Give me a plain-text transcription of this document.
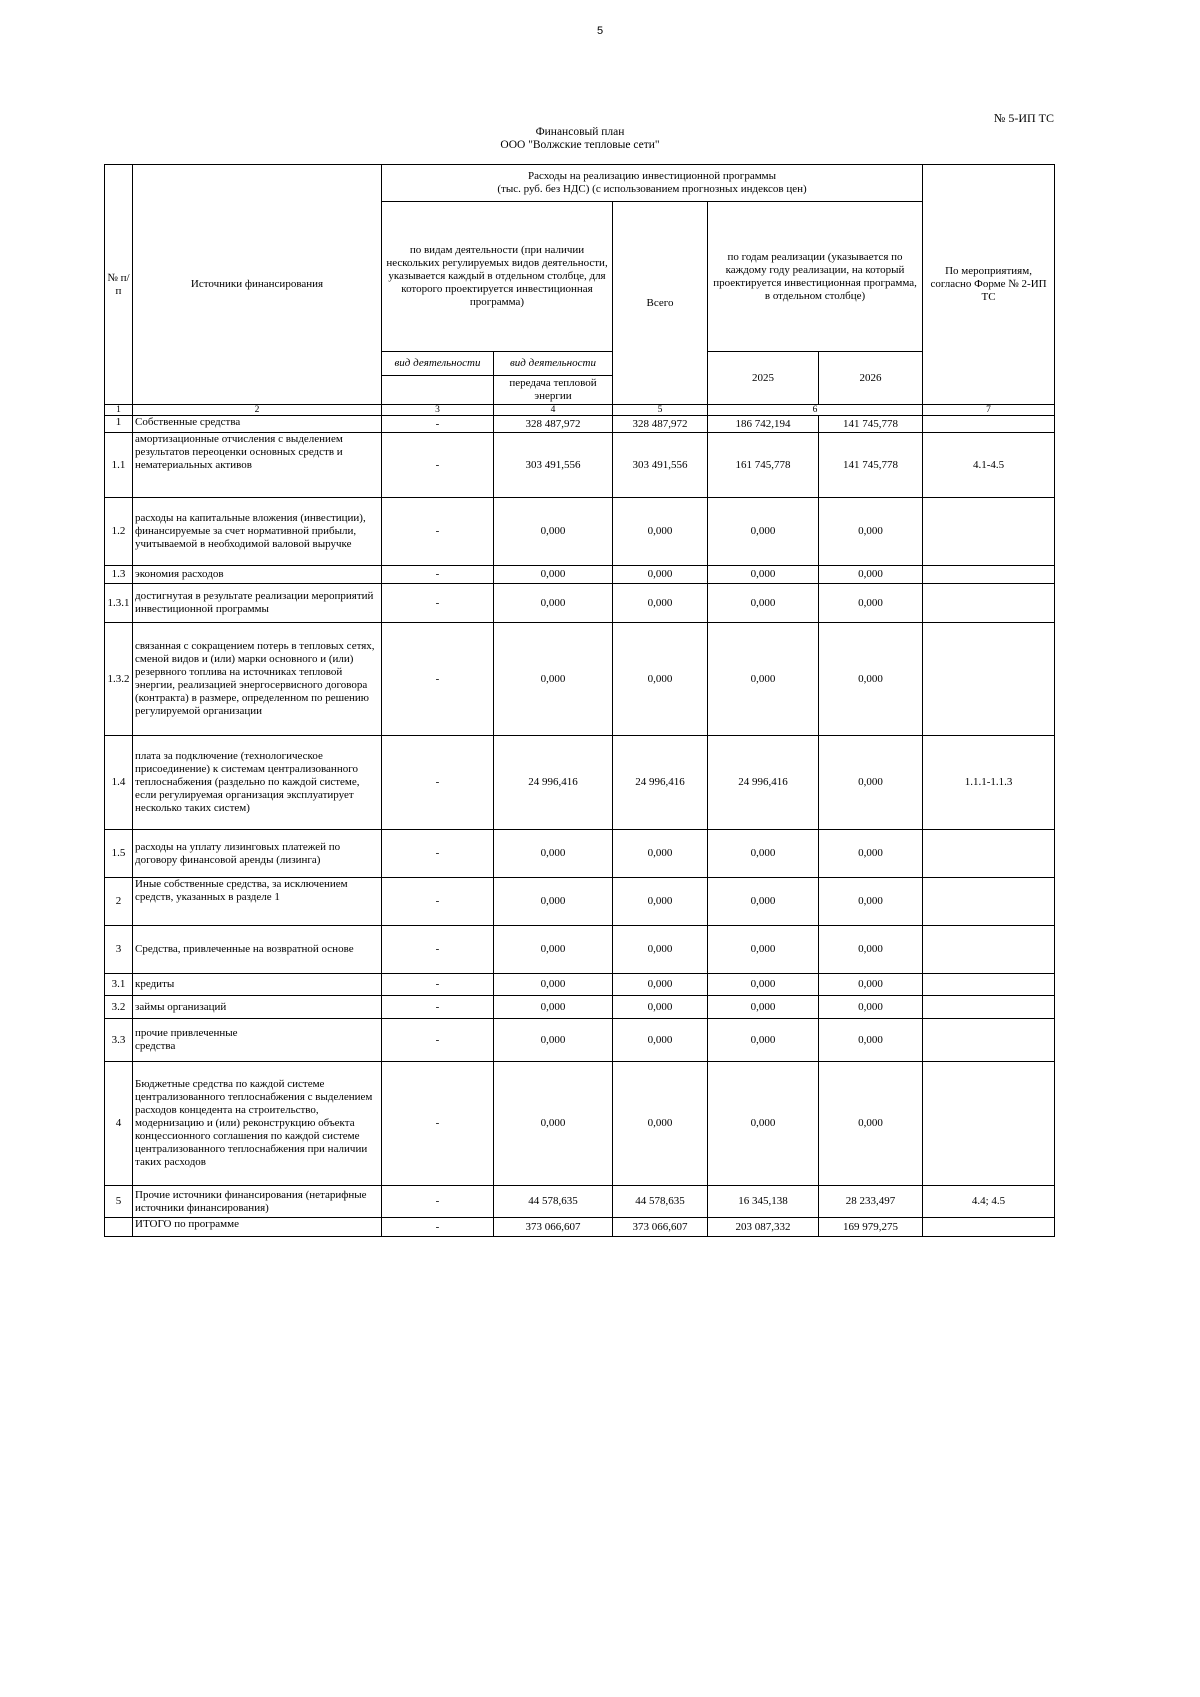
5
№ 5-ИП ТС
Финансовый план
ООО "Волжские тепловые сети"
№ п/п	Источники финансирования	Расходы на реализацию инвестиционной программы
(тыс. руб. без НДС) (с использованием прогнозных индексов цен)					По мероприятиям, согласно Форме № 2-ИП ТС
		по видам деятельности (при наличии нескольких регулируемых видов деятельности, указывается каждый в отдельном столбце, для которого проектируется инвестиционная программа)		Всего	по годам реализации (указывается по каждому году реализации, на который проектируется инвестиционная программа, в отдельном столбце)		
		вид деятельности	вид деятельности		2025	2026	
			передача тепловой энергии				

1	2	3	4	5	6		7
1	Собственные средства	-	328 487,972	328 487,972	186 742,194	141 745,778	
1.1	амортизационные отчисления с выделением результатов переоценки основных средств и нематериальных активов	-	303 491,556	303 491,556	161 745,778	141 745,778	4.1-4.5
1.2	расходы на капитальные вложения (инвестиции), финансируемые за счет нормативной прибыли, учитываемой в необходимой валовой выручке	-	0,000	0,000	0,000	0,000	
1.3	экономия расходов	-	0,000	0,000	0,000	0,000	
1.3.1	достигнутая в результате реализации мероприятий инвестиционной программы	-	0,000	0,000	0,000	0,000	
1.3.2	связанная с сокращением потерь в тепловых сетях, сменой видов и (или) марки основного и (или) резервного топлива на источниках тепловой энергии, реализацией энергосервисного договора (контракта) в размере, определенном по решению регулируемой организации	-	0,000	0,000	0,000	0,000	
1.4	плата за подключение (технологическое присоединение) к системам централизованного теплоснабжения (раздельно по каждой системе, если регулируемая организация эксплуатирует несколько таких систем)	-	24 996,416	24 996,416	24 996,416	0,000	1.1.1-1.1.3
1.5	расходы на уплату лизинговых платежей по договору финансовой аренды (лизинга)	-	0,000	0,000	0,000	0,000	
2	Иные собственные средства, за исключением средств, указанных в разделе 1	-	0,000	0,000	0,000	0,000	
3	Средства, привлеченные на возвратной основе	-	0,000	0,000	0,000	0,000	
3.1	кредиты	-	0,000	0,000	0,000	0,000	
3.2	займы организаций	-	0,000	0,000	0,000	0,000	
3.3	прочие привлеченные средства	-	0,000	0,000	0,000	0,000	
4	Бюджетные средства по каждой системе централизованного теплоснабжения с выделением расходов концедента на строительство, модернизацию и (или) реконструкцию объекта концессионного соглашения по каждой системе централизованного теплоснабжения при наличии таких расходов	-	0,000	0,000	0,000	0,000	
5	Прочие источники финансирования (нетарифные источники финансирования)	-	44 578,635	44 578,635	16 345,138	28 233,497	4.4; 4.5
	ИТОГО по программе	-	373 066,607	373 066,607	203 087,332	169 979,275	
